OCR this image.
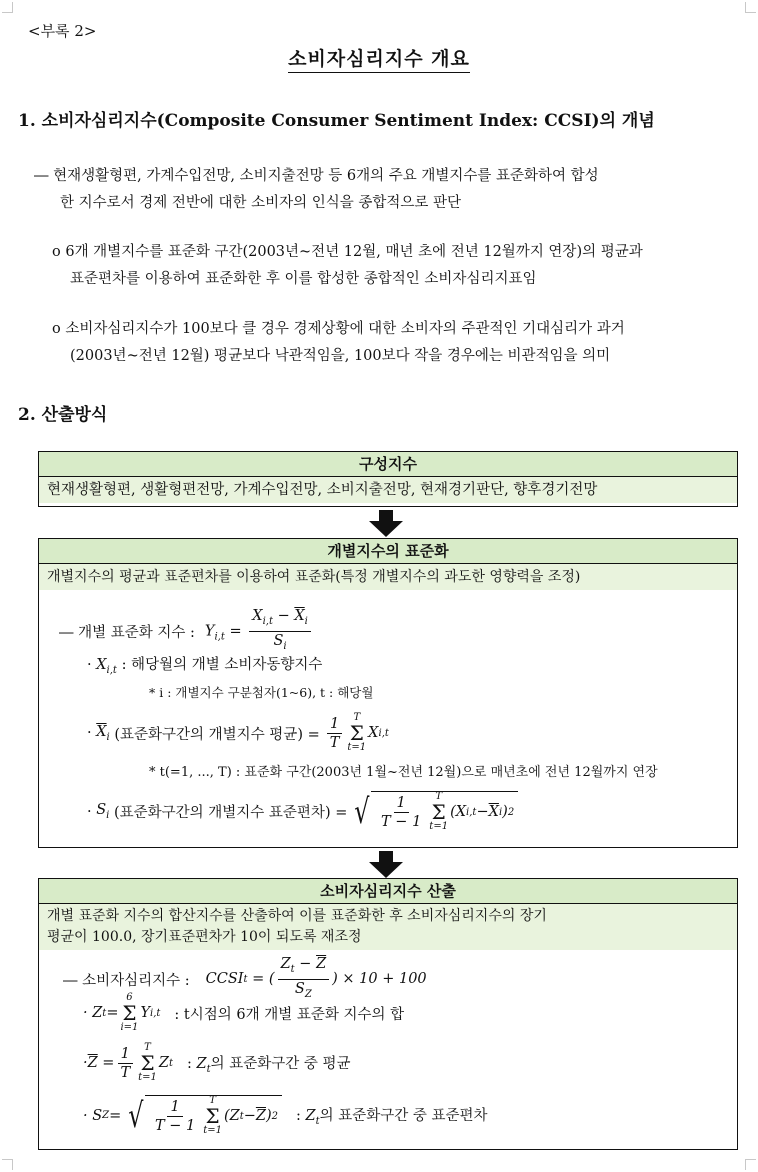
<부록 2>
소비자심리지수 개요
1. 소비자심리지수(Composite Consumer Sentiment Index: CCSI)의 개념
― 현재생활형편, 가계수입전망, 소비지출전망 등 6개의 주요 개별지수를 표준화하여 합성
한 지수로서 경제 전반에 대한 소비자의 인식을 종합적으로 판단
o 6개 개별지수를 표준화 구간(2003년~전년 12월, 매년 초에 전년 12월까지 연장)의 평균과
표준편차를 이용하여 표준화한 후 이를 합성한 종합적인 소비자심리지표임
o 소비자심리지수가 100보다 클 경우 경제상황에 대한 소비자의 주관적인 기대심리가 과거
(2003년~전년 12월) 평균보다 낙관적임을, 100보다 작을 경우에는 비관적임을 의미
2. 산출방식
구성지수
현재생활형편, 생활형편전망, 가계수입전망, 소비지출전망, 현재경기판단, 향후경기전망
개별지수의 표준화
개별지수의 평균과 표준편차를 이용하여 표준화(특정 개별지수의 과도한 영향력을 조정)
― 개별 표준화 지수 : $Y_{i,t} = \frac{X_{i,t} - \overline{X}_i}{S_i}$
· $X_{i,t}$ : 해당월의 개별 소비자동향지수
* i : 개별지수 구분첨자(1~6), t : 해당월
· $\overline{X}_i$
(표준화구간의 개별지수 평균) = $\frac{1}{T}$ T
Σ
t=1
X i,t
* t(=1, ..., T) : 표준화 구간(2003년 1월~전년 12월)으로 매년초에 전년 12월까지 연장
· $S_i$
(표준화구간의 개별지수 표준편차) = √ $\frac{1}{T - 1}$ T
Σ
t=1
(X $i,t - \overline{X}$ i ) 2
소비자심리지수 산출
개별 표준화 지수의 합산지수를 산출하여 이를 표준화한 후 소비자심리지수의 장기
평균이 100.0, 장기표준편차가 10이 되도록 재조정
― 소비자심리지수 : CCSI t = ( $\frac{Z_t - \overline{Z}}{S_Z}$ ) × 10 + 100
· Z t =
6
Σ
i=1
Y i,t : t시점의 6개 개별 표준화 지수의 합
· $\overline{Z} = \frac{1}{T}$ T
Σ
t=1
Z t : $Z_t$의 표준화구간 중 평균
· S Z = √ $\frac{1}{T - 1}$ T
Σ
t=1
(Z $t - \overline{Z}$ ) 2 : $Z_t$의 표준화구간 중 표준편차
